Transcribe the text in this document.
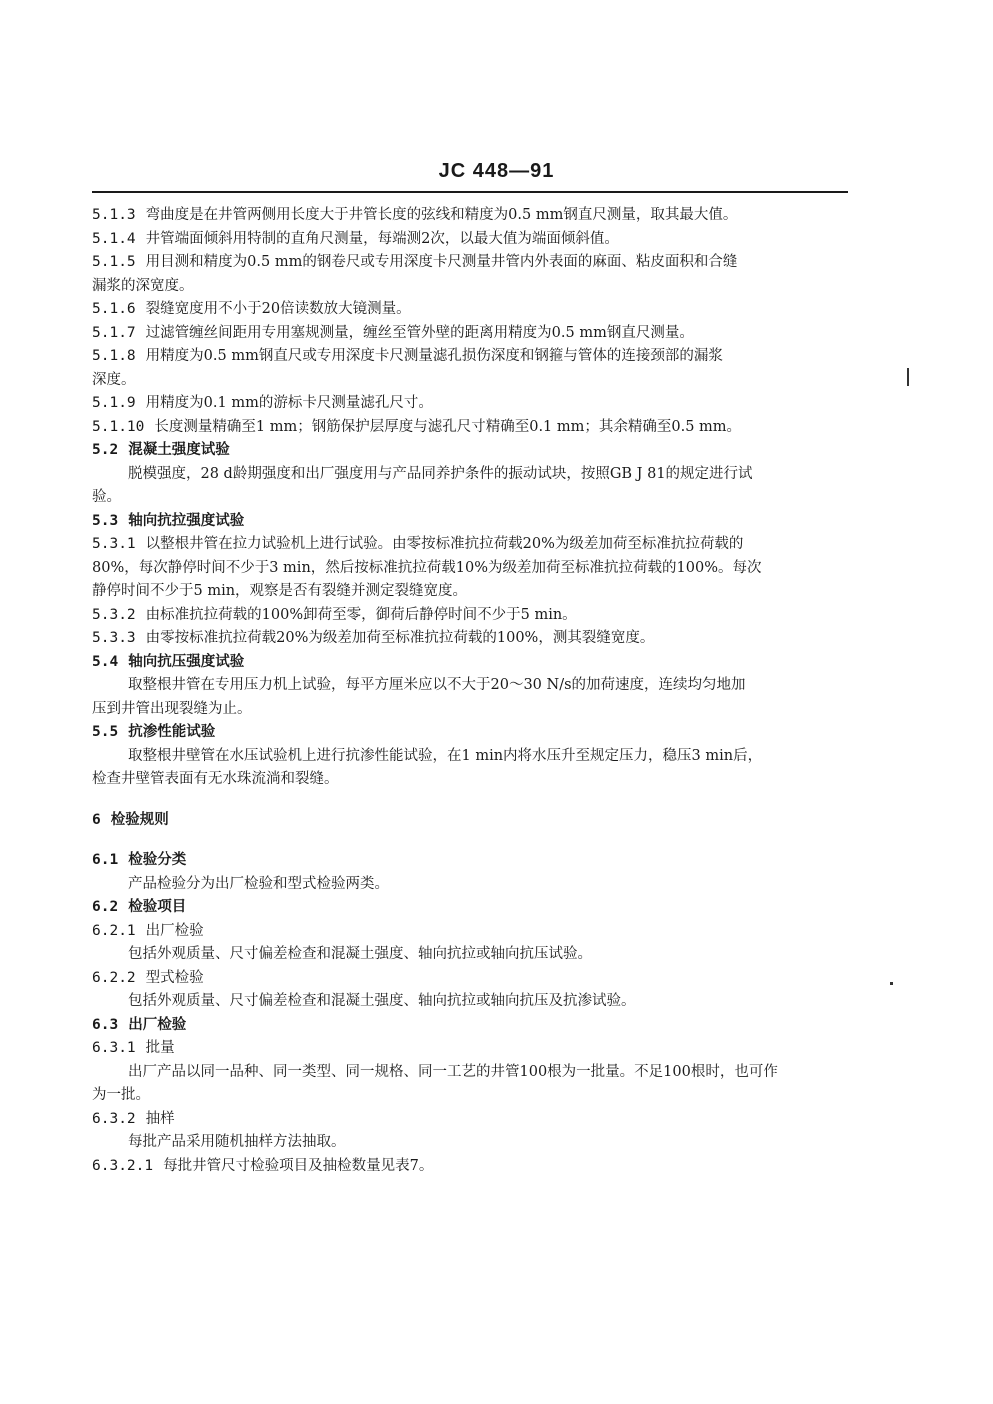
JC 448—91

5.1.3 弯曲度是在井管两侧用长度大于井管长度的弦线和精度为0.5 mm钢直尺测量，取其最大值。

5.1.4 井管端面倾斜用特制的直角尺测量，每端测2次，以最大值为端面倾斜值。

5.1.5 用目测和精度为0.5 mm的钢卷尺或专用深度卡尺测量井管内外表面的麻面、粘皮面积和合缝

漏浆的深宽度。

5.1.6 裂缝宽度用不小于20倍读数放大镜测量。

5.1.7 过滤管缠丝间距用专用塞规测量，缠丝至管外壁的距离用精度为0.5 mm钢直尺测量。

5.1.8 用精度为0.5 mm钢直尺或专用深度卡尺测量滤孔损伤深度和钢箍与管体的连接颈部的漏浆

深度。

5.1.9 用精度为0.1 mm的游标卡尺测量滤孔尺寸。

5.1.10 长度测量精确至1 mm；钢筋保护层厚度与滤孔尺寸精确至0.1 mm；其余精确至0.5 mm。

5.2 混凝土强度试验

脱模强度，28 d龄期强度和出厂强度用与产品同养护条件的振动试块，按照GB J 81的规定进行试

验。

5.3 轴向抗拉强度试验

5.3.1 以整根井管在拉力试验机上进行试验。由零按标准抗拉荷载20%为级差加荷至标准抗拉荷载的

80%，每次静停时间不少于3 min，然后按标准抗拉荷载10%为级差加荷至标准抗拉荷载的100%。每次

静停时间不少于5 min，观察是否有裂缝并测定裂缝宽度。

5.3.2 由标准抗拉荷载的100%卸荷至零，御荷后静停时间不少于5 min。

5.3.3 由零按标准抗拉荷载20%为级差加荷至标准抗拉荷载的100%，测其裂缝宽度。

5.4 轴向抗压强度试验

取整根井管在专用压力机上试验，每平方厘米应以不大于20～30 N/s的加荷速度，连续均匀地加

压到井管出现裂缝为止。

5.5 抗渗性能试验

取整根井壁管在水压试验机上进行抗渗性能试验，在1 min内将水压升至规定压力，稳压3 min后，

检查井壁管表面有无水珠流淌和裂缝。

6 检验规则

6.1 检验分类

产品检验分为出厂检验和型式检验两类。

6.2 检验项目

6.2.1 出厂检验

包括外观质量、尺寸偏差检查和混凝土强度、轴向抗拉或轴向抗压试验。

6.2.2 型式检验

包括外观质量、尺寸偏差检查和混凝土强度、轴向抗拉或轴向抗压及抗渗试验。

6.3 出厂检验

6.3.1 批量

出厂产品以同一品种、同一类型、同一规格、同一工艺的井管100根为一批量。不足100根时，也可作

为一批。

6.3.2 抽样

每批产品采用随机抽样方法抽取。

6.3.2.1 每批井管尺寸检验项目及抽检数量见表7。
